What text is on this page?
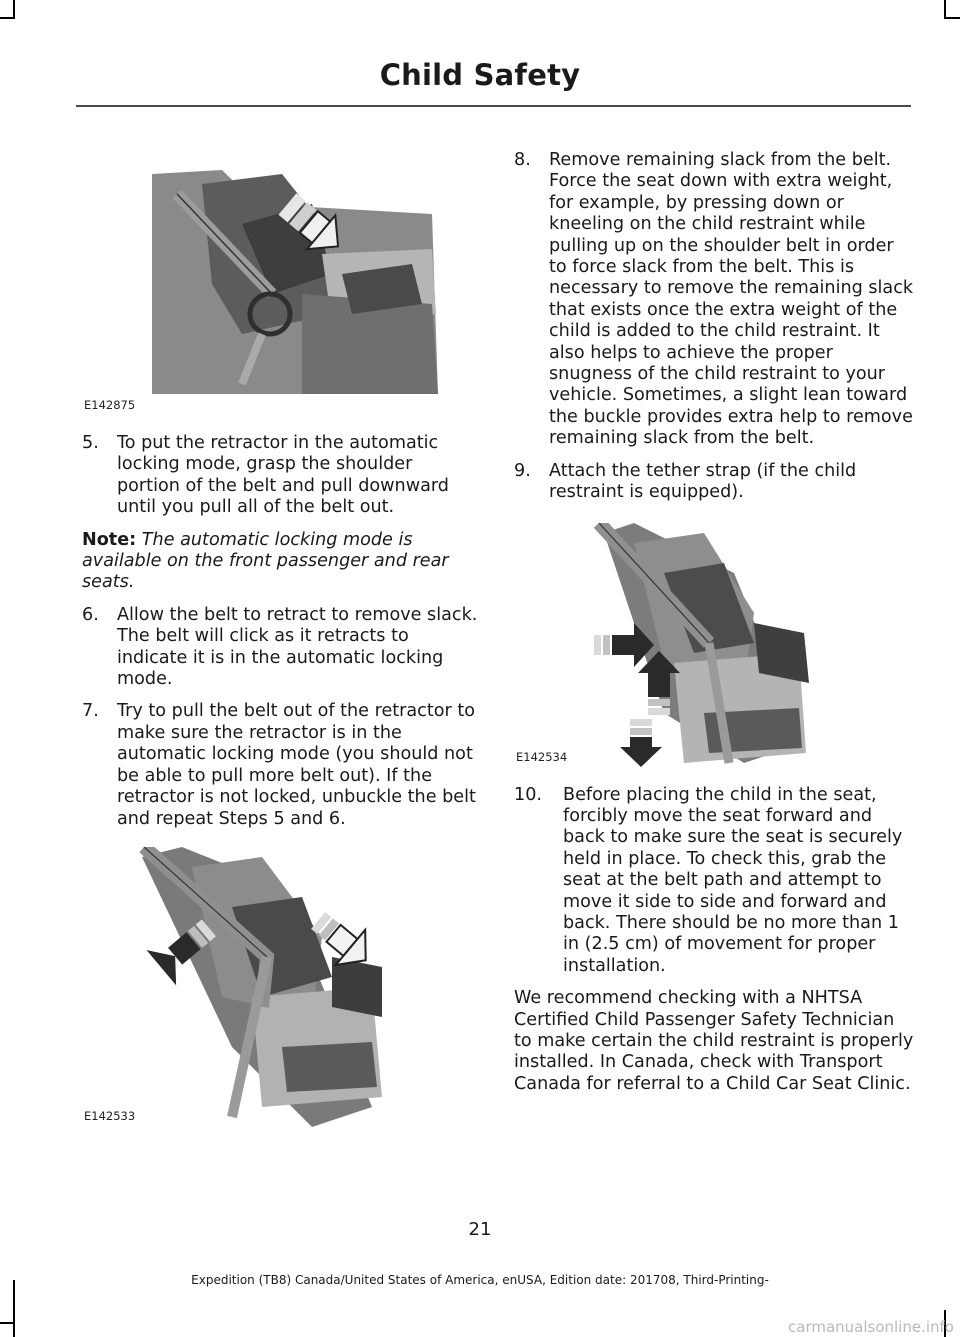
Child Safety
E142875
5. To put the retractor in the automatic locking mode, grasp the shoulder portion of the belt and pull downward until you pull all of the belt out.
Note: The automatic locking mode is available on the front passenger and rear seats.
6. Allow the belt to retract to remove slack. The belt will click as it retracts to indicate it is in the automatic locking mode.
7. Try to pull the belt out of the retractor to make sure the retractor is in the automatic locking mode (you should not be able to pull more belt out). If the retractor is not locked, unbuckle the belt and repeat Steps 5 and 6.
E142533
8. Remove remaining slack from the belt. Force the seat down with extra weight, for example, by pressing down or kneeling on the child restraint while pulling up on the shoulder belt in order to force slack from the belt. This is necessary to remove the remaining slack that exists once the extra weight of the child is added to the child restraint. It also helps to achieve the proper snugness of the child restraint to your vehicle. Sometimes, a slight lean toward the buckle provides extra help to remove remaining slack from the belt.
9. Attach the tether strap (if the child restraint is equipped).
E142534
10. Before placing the child in the seat, forcibly move the seat forward and back to make sure the seat is securely held in place. To check this, grab the seat at the belt path and attempt to move it side to side and forward and back. There should be no more than 1 in (2.5 cm) of movement for proper installation.

We recommend checking with a NHTSA Certified Child Passenger Safety Technician to make certain the child restraint is properly installed. In Canada, check with Transport Canada for referral to a Child Car Seat Clinic.

21
Expedition (TB8) Canada/United States of America, enUSA, Edition date: 201708, Third-Printing-
carmanualsonline.info
